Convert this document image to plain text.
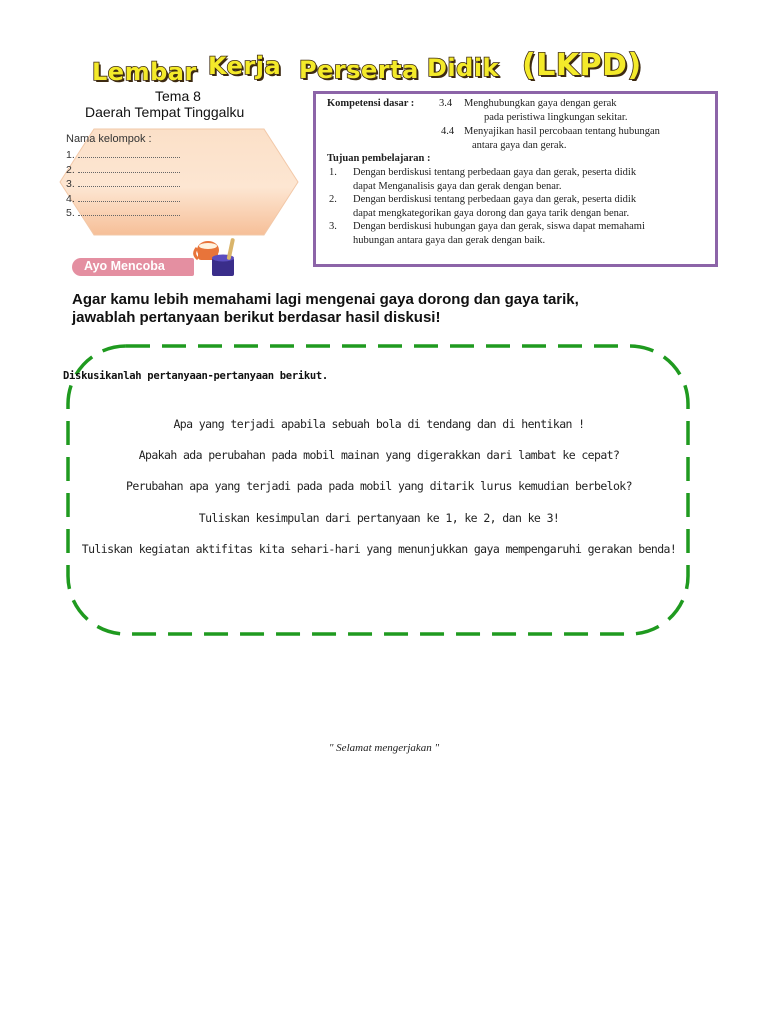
Lembar Kerja Perserta Didik (LKPD)
Tema 8
Daerah Tempat Tinggalku
Nama kelompok :
1.
2.
3.
4.
5.
Ayo Mencoba
Kompetensi dasar : 3.4 Menghubungkan gaya dengan gerak
pada peristiwa lingkungan sekitar.
4.4 Menyajikan hasil percobaan tentang hubungan
antara gaya dan gerak.
Tujuan pembelajaran :
1. Dengan berdiskusi tentang perbedaan gaya dan gerak, peserta didik
dapat Menganalisis gaya dan gerak dengan benar.
2. Dengan berdiskusi tentang perbedaan gaya dan gerak, peserta didik
dapat mengkategorikan gaya dorong dan gaya tarik dengan benar.
3. Dengan berdiskusi hubungan gaya dan gerak, siswa dapat memahami
hubungan antara gaya dan gerak dengan baik.
Agar kamu lebih memahami lagi mengenai gaya dorong dan gaya tarik,
jawablah pertanyaan berikut berdasar hasil diskusi!
Diskusikanlah pertanyaan-pertanyaan berikut.
Apa yang terjadi apabila sebuah bola di tendang dan di hentikan !
Apakah ada perubahan pada mobil mainan yang digerakkan dari lambat ke cepat?
Perubahan apa yang terjadi pada pada mobil yang ditarik lurus kemudian berbelok?
Tuliskan kesimpulan dari pertanyaan ke 1, ke 2, dan ke 3!
Tuliskan kegiatan aktifitas kita sehari-hari yang menunjukkan gaya mempengaruhi gerakan benda!
" Selamat mengerjakan "
